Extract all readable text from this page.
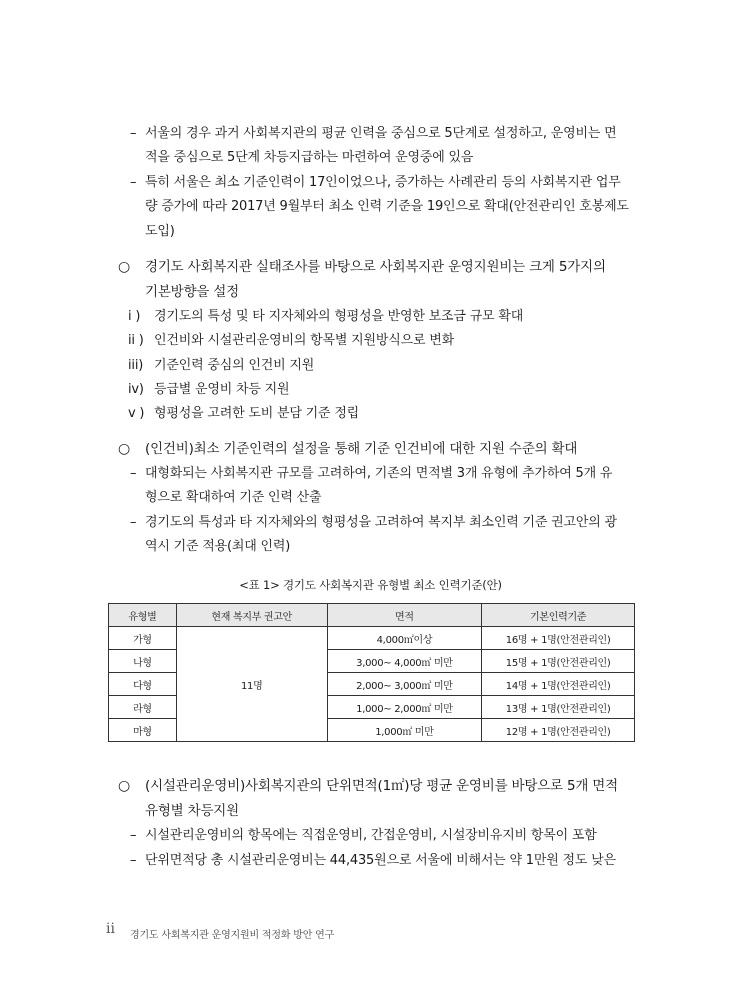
– 서울의 경우 과거 사회복지관의 평균 인력을 중심으로 5단계로 설정하고, 운영비는 면
적을 중심으로 5단계 차등지급하는 마련하여 운영중에 있음
– 특히 서울은 최소 기준인력이 17인이었으나, 증가하는 사례관리 등의 사회복지관 업무
량 증가에 따라 2017년 9월부터 최소 인력 기준을 19인으로 확대(안전관리인 호봉제도
도입)
○ 경기도 사회복지관 실태조사를 바탕으로 사회복지관 운영지원비는 크게 5가지의
기본방향을 설정
i ) 경기도의 특성 및 타 지자체와의 형평성을 반영한 보조금 규모 확대
ii ) 인건비와 시설관리운영비의 항목별 지원방식으로 변화
iii) 기준인력 중심의 인건비 지원
iv) 등급별 운영비 차등 지원
v ) 형평성을 고려한 도비 분담 기준 정립
○ (인건비)최소 기준인력의 설정을 통해 기준 인건비에 대한 지원 수준의 확대
– 대형화되는 사회복지관 규모를 고려하여, 기존의 면적별 3개 유형에 추가하여 5개 유
형으로 확대하여 기준 인력 산출
– 경기도의 특성과 타 지자체와의 형평성을 고려하여 복지부 최소인력 기준 권고안의 광
역시 기준 적용(최대 인력)
<표 1> 경기도 사회복지관 유형별 최소 인력기준(안)
유형별	현재 복지부 권고안	면적	기본인력기준
가형	11명	4,000㎡이상	16명 + 1명(안전관리인)
나형		3,000~ 4,000㎡ 미만	15명 + 1명(안전관리인)
다형		2,000~ 3,000㎡ 미만	14명 + 1명(안전관리인)
라형		1,000~ 2,000㎡ 미만	13명 + 1명(안전관리인)
마형		1,000㎡ 미만	12명 + 1명(안전관리인)
○ (시설관리운영비)사회복지관의 단위면적(1㎡)당 평균 운영비를 바탕으로 5개 면적
유형별 차등지원
– 시설관리운영비의 항목에는 직접운영비, 간접운영비, 시설장비유지비 항목이 포함
– 단위면적당 총 시설관리운영비는 44,435원으로 서울에 비해서는 약 1만원 정도 낮은
ii 경기도 사회복지관 운영지원비 적정화 방안 연구
